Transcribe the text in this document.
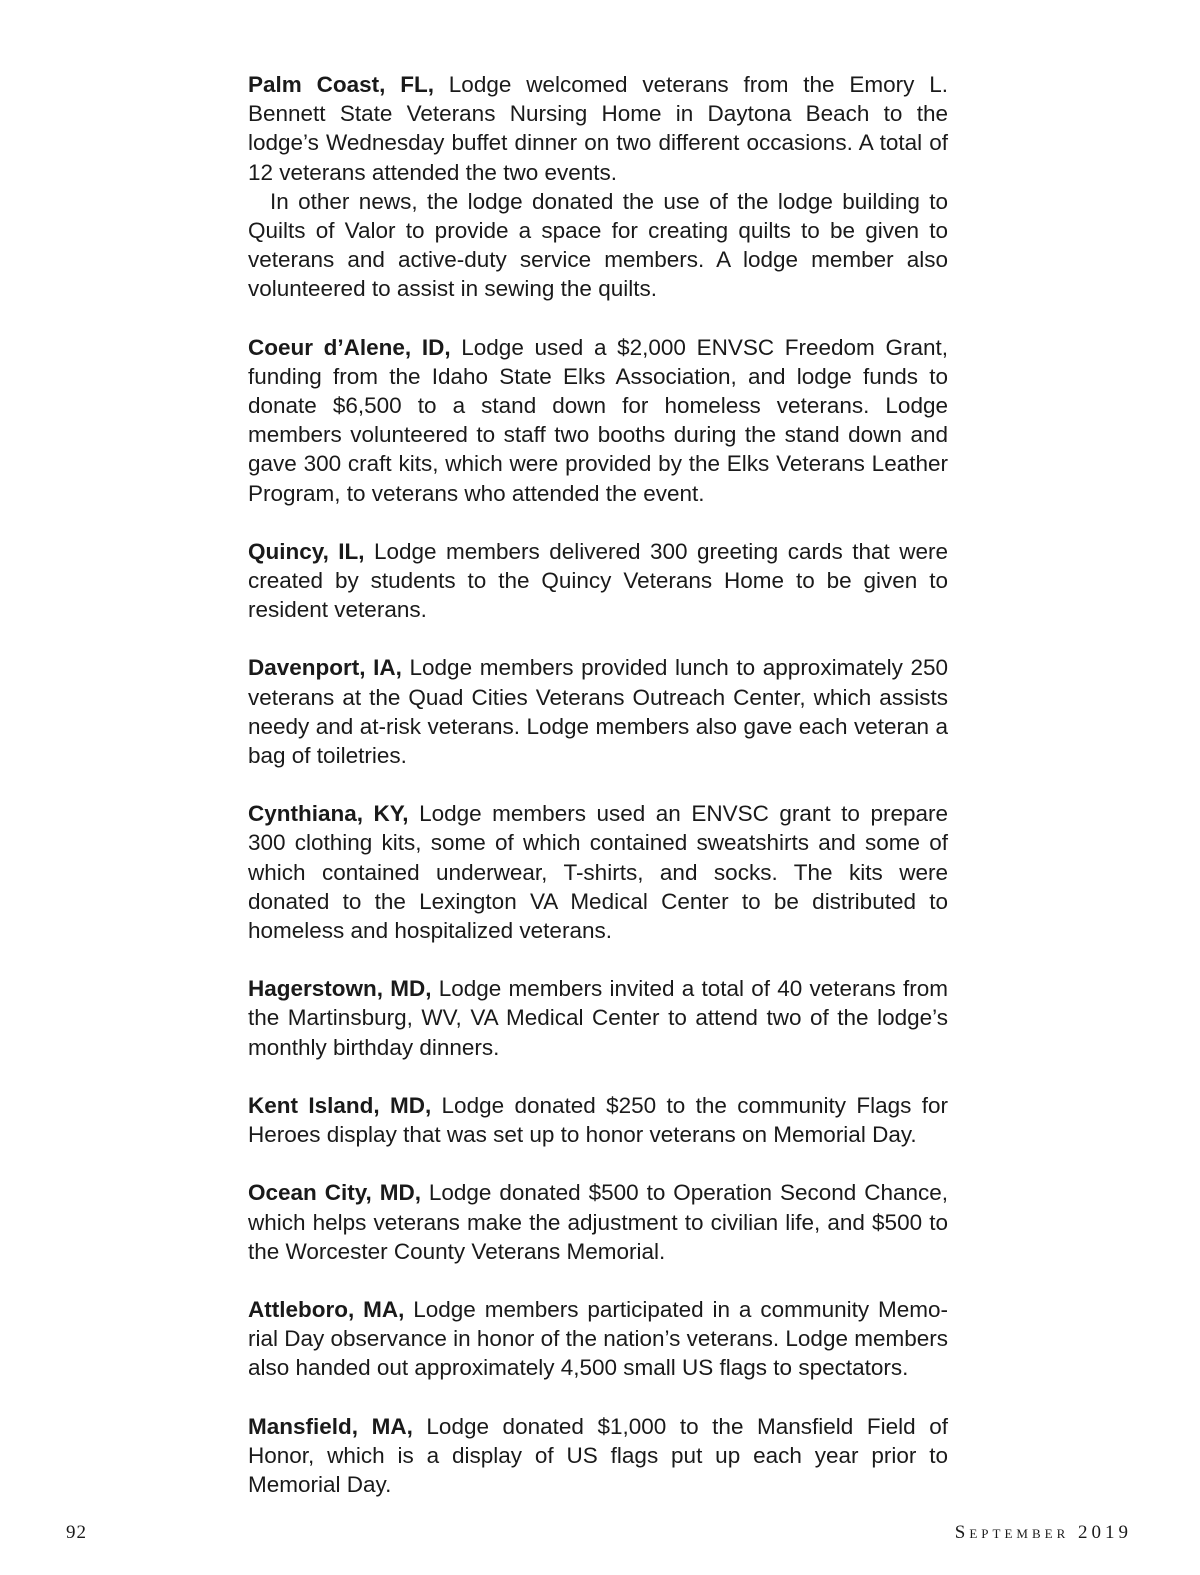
Palm Coast, FL, Lodge welcomed veterans from the Emory L. Bennett State Veterans Nursing Home in Daytona Beach to the lodge’s Wednesday buffet dinner on two different occasions. A total of 12 veterans attended the two events.

In other news, the lodge donated the use of the lodge building to Quilts of Valor to provide a space for creating quilts to be given to veterans and active-duty service members. A lodge member also volunteered to assist in sewing the quilts.

Coeur d’Alene, ID, Lodge used a $2,000 ENVSC Freedom Grant, funding from the Idaho State Elks Association, and lodge funds to donate $6,500 to a stand down for homeless veterans. Lodge members volunteered to staff two booths during the stand down and gave 300 craft kits, which were provided by the Elks Veterans Leather Program, to veterans who attended the event.

Quincy, IL, Lodge members delivered 300 greeting cards that were created by students to the Quincy Veterans Home to be given to resident veterans.

Davenport, IA, Lodge members provided lunch to approximately 250 veterans at the Quad Cities Veterans Outreach Center, which assists needy and at-risk veterans. Lodge members also gave each veteran a bag of toiletries.

Cynthiana, KY, Lodge members used an ENVSC grant to prepare 300 clothing kits, some of which contained sweatshirts and some of which contained underwear, T-shirts, and socks. The kits were donated to the Lexington VA Medical Center to be distributed to homeless and hospitalized veterans.

Hagerstown, MD, Lodge members invited a total of 40 veterans from the Martinsburg, WV, VA Medical Center to attend two of the lodge’s monthly birthday dinners.

Kent Island, MD, Lodge donated $250 to the community Flags for Heroes display that was set up to honor veterans on Memorial Day.

Ocean City, MD, Lodge donated $500 to Operation Second Chance, which helps veterans make the adjustment to civilian life, and $500 to the Worcester County Veterans Memorial.

Attleboro, MA, Lodge members participated in a community Memorial Day observance in honor of the nation’s veterans. Lodge members also handed out approximately 4,500 small US flags to spectators.

Mansfield, MA, Lodge donated $1,000 to the Mansfield Field of Honor, which is a display of US flags put up each year prior to Memorial Day.

92	September 2019
